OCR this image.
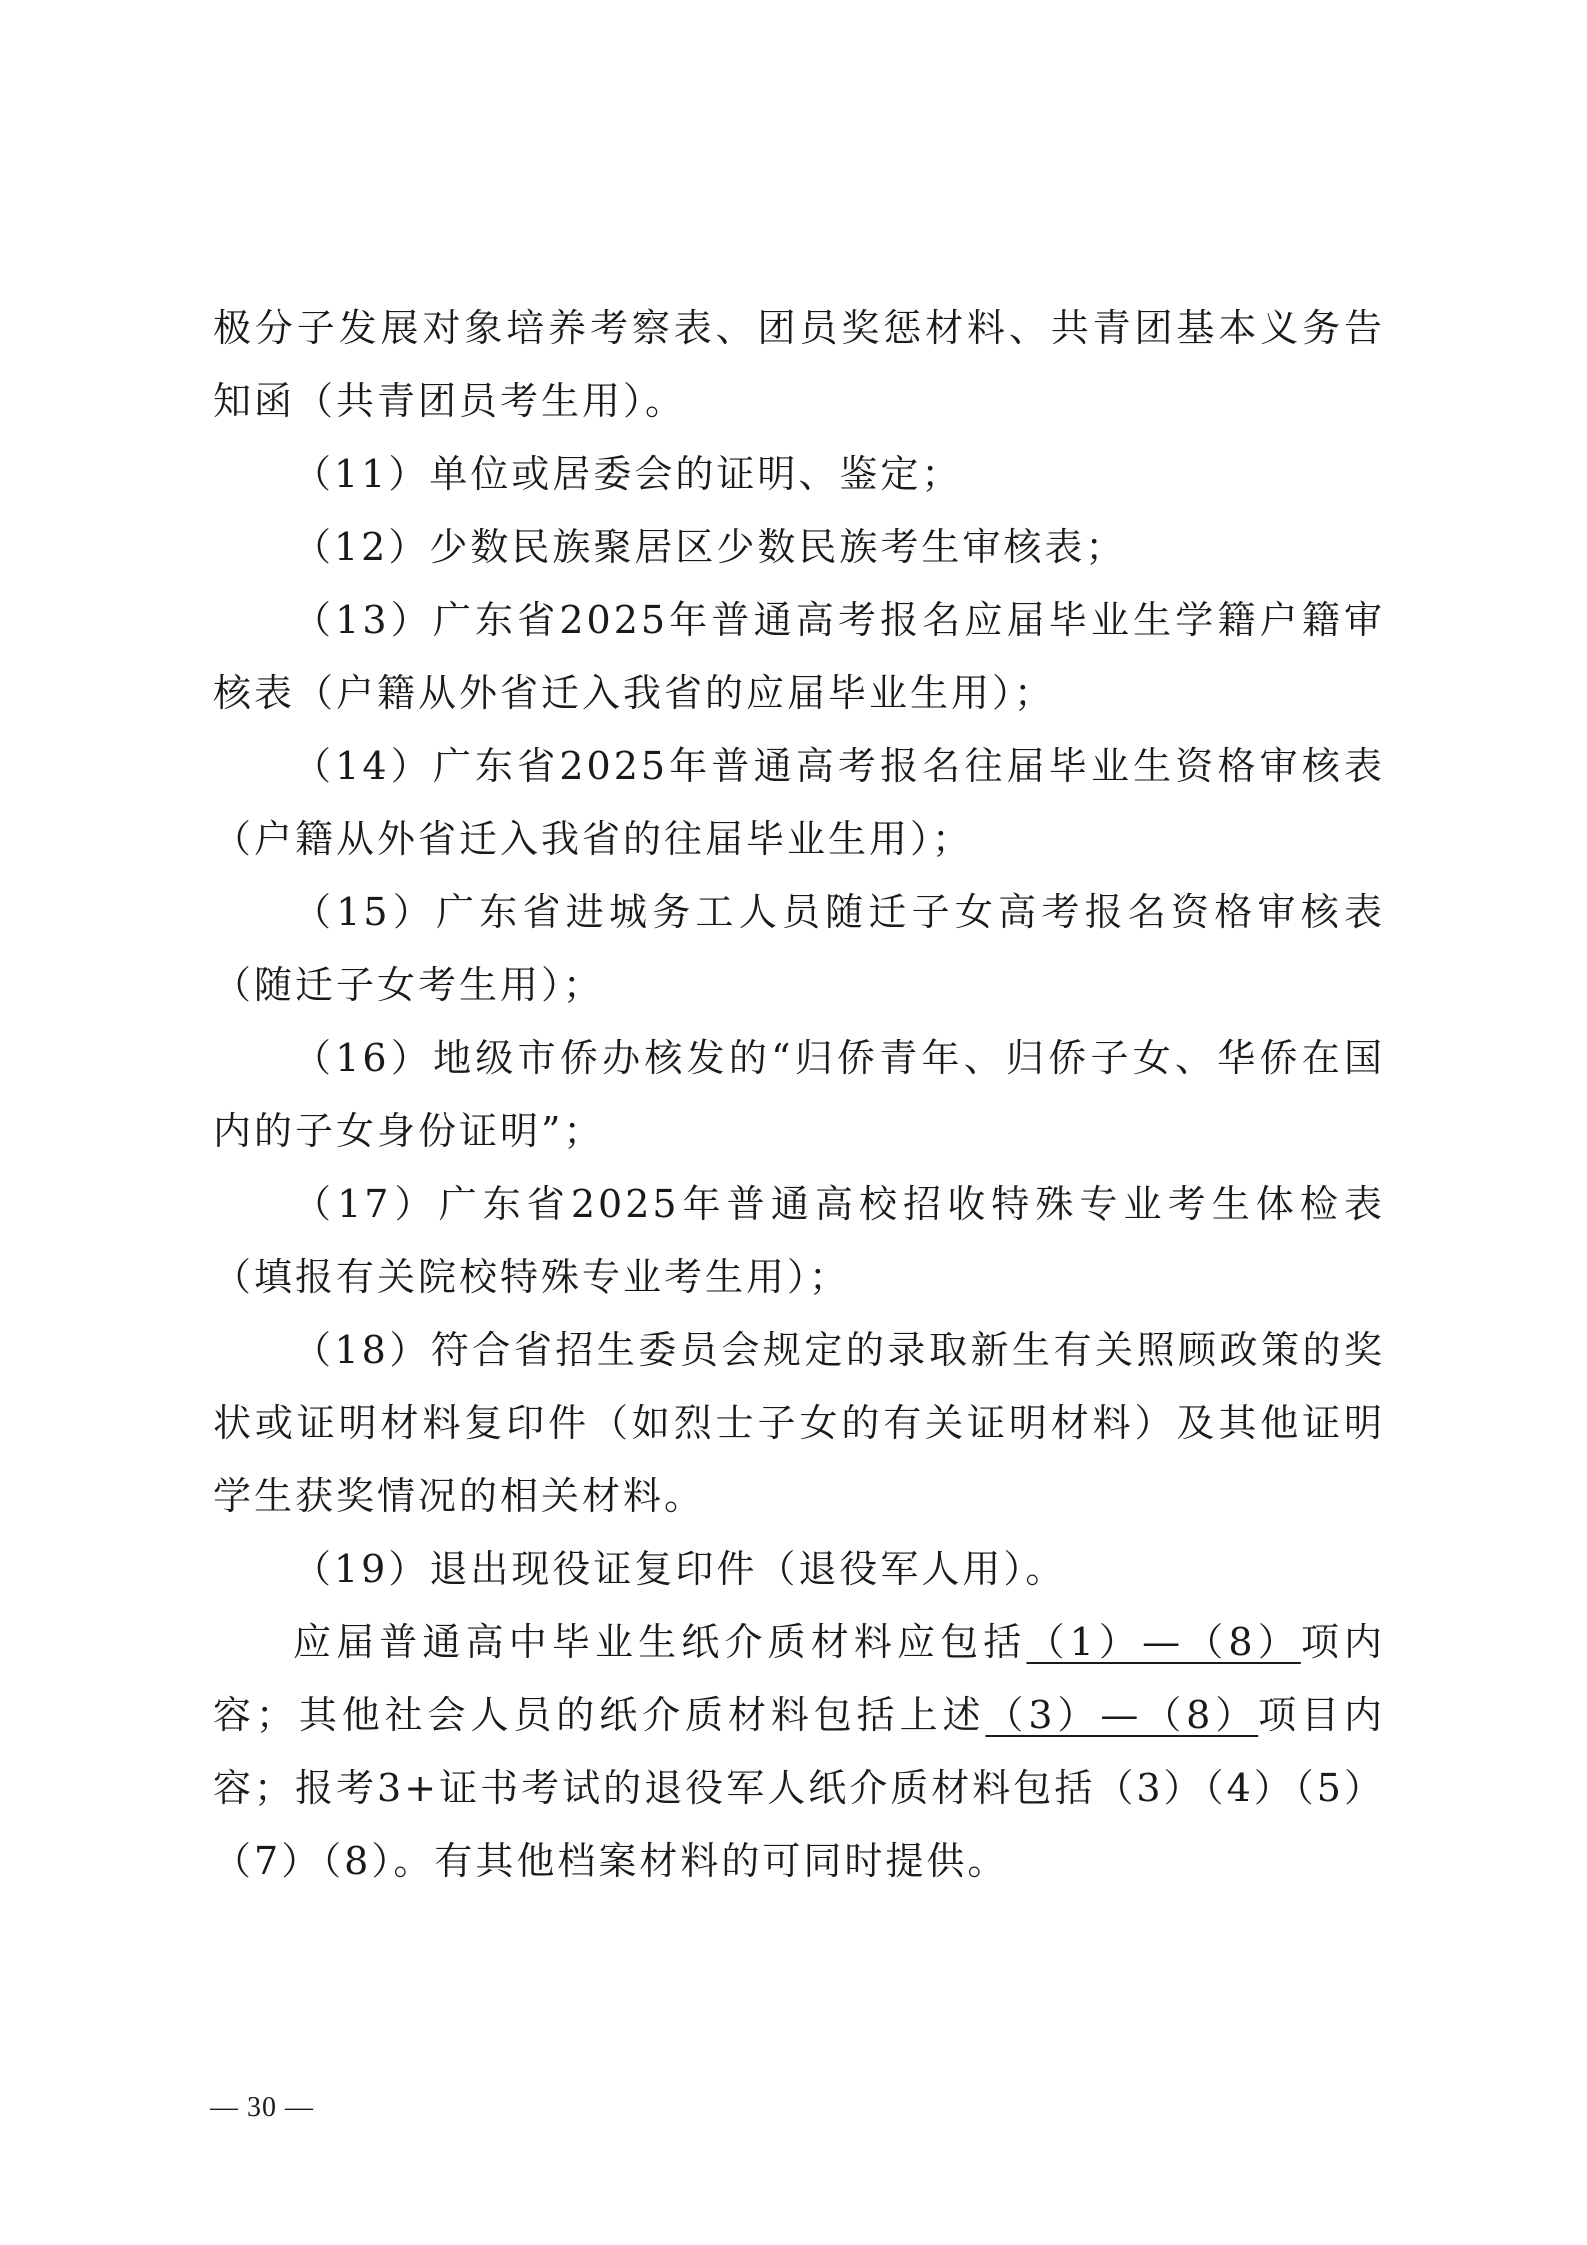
极分子发展对象培养考察表、团员奖惩材料、共青团基本义务告知函（共青团员考生用）。

（11）单位或居委会的证明、鉴定；

（12）少数民族聚居区少数民族考生审核表；

（13）广东省2025年普通高考报名应届毕业生学籍户籍审核表（户籍从外省迁入我省的应届毕业生用）；

（14）广东省2025年普通高考报名往届毕业生资格审核表（户籍从外省迁入我省的往届毕业生用）；

（15）广东省进城务工人员随迁子女高考报名资格审核表（随迁子女考生用）；

（16）地级市侨办核发的“归侨青年、归侨子女、华侨在国内的子女身份证明”；

（17）广东省2025年普通高校招收特殊专业考生体检表（填报有关院校特殊专业考生用）；

（18）符合省招生委员会规定的录取新生有关照顾政策的奖状或证明材料复印件（如烈士子女的有关证明材料）及其他证明学生获奖情况的相关材料。

（19）退出现役证复印件（退役军人用）。

应届普通高中毕业生纸介质材料应包括（1）—（8）项内容；其他社会人员的纸介质材料包括上述（3）—（8）项目内容；报考3+证书考试的退役军人纸介质材料包括（3）（4）（5）（7）（8）。有其他档案材料的可同时提供。

— 30 —
